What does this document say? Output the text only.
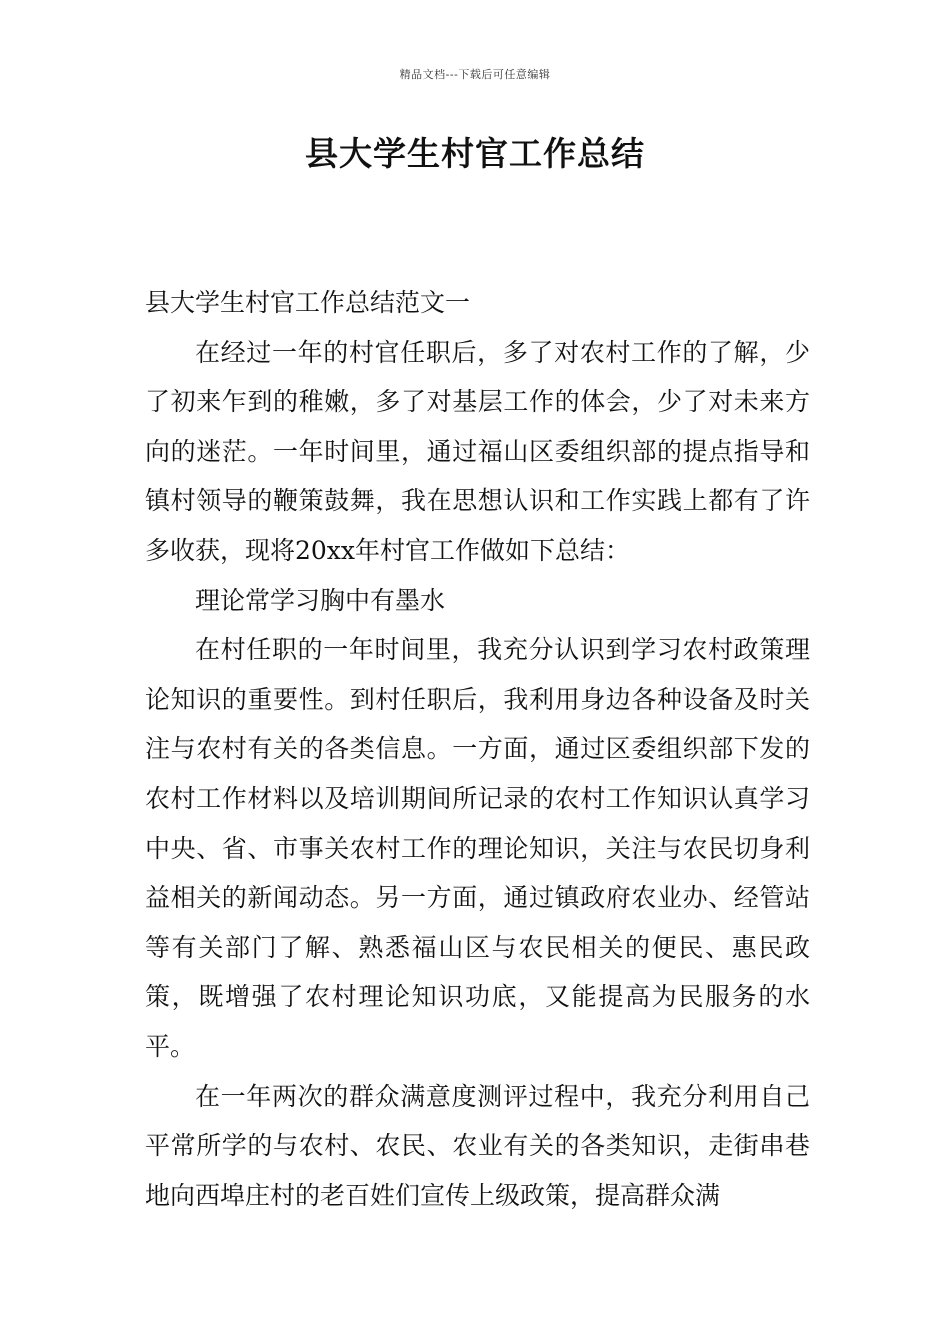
精品文档---下载后可任意编辑
县大学生村官工作总结

县大学生村官工作总结范文一

在经过一年的村官任职后，多了对农村工作的了解，少了初来乍到的稚嫩，多了对基层工作的体会，少了对未来方向的迷茫。一年时间里，通过福山区委组织部的提点指导和镇村领导的鞭策鼓舞，我在思想认识和工作实践上都有了许多收获，现将20xx年村官工作做如下总结：

理论常学习胸中有墨水

在村任职的一年时间里，我充分认识到学习农村政策理论知识的重要性。到村任职后，我利用身边各种设备及时关注与农村有关的各类信息。一方面，通过区委组织部下发的农村工作材料以及培训期间所记录的农村工作知识认真学习中央、省、市事关农村工作的理论知识，关注与农民切身利益相关的新闻动态。另一方面，通过镇政府农业办、经管站等有关部门了解、熟悉福山区与农民相关的便民、惠民政策，既增强了农村理论知识功底，又能提高为民服务的水平。

在一年两次的群众满意度测评过程中，我充分利用自己平常所学的与农村、农民、农业有关的各类知识，走街串巷地向西埠庄村的老百姓们宣传上级政策，提高群众满
